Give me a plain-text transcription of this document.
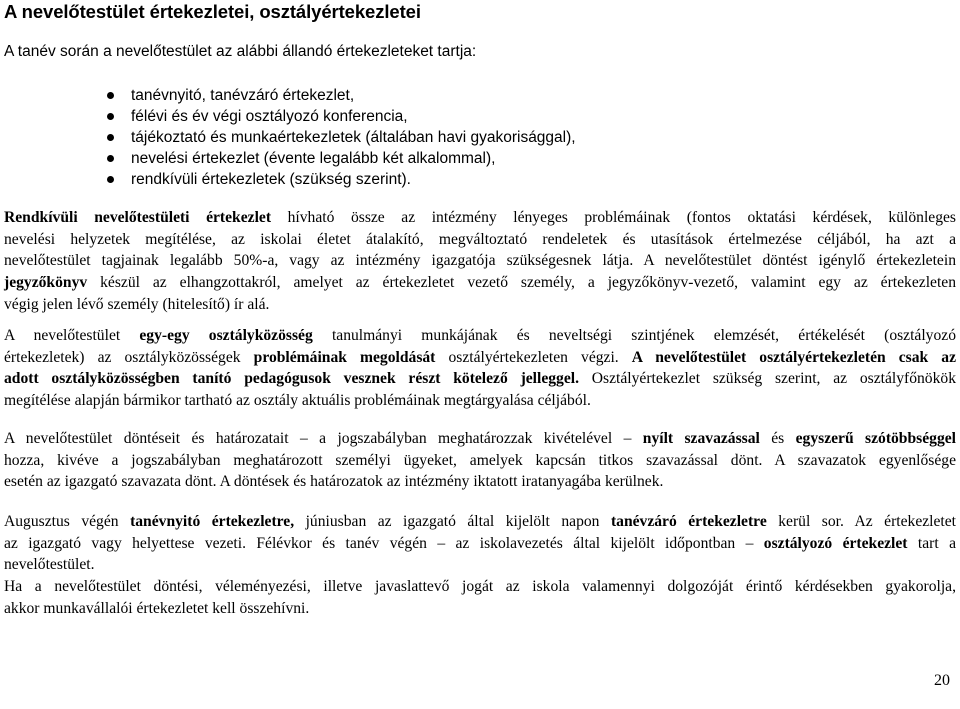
A nevelőtestület értekezletei, osztályértekezletei
A tanév során a nevelőtestület az alábbi állandó értekezleteket tartja:
tanévnyitó, tanévzáró értekezlet,
félévi és év végi osztályozó konferencia,
tájékoztató és munkaértekezletek (általában havi gyakorisággal),
nevelési értekezlet (évente legalább két alkalommal),
rendkívüli értekezletek (szükség szerint).
Rendkívüli nevelőtestületi értekezlet hívható össze az intézmény lényeges problémáinak (fontos oktatási kérdések, különleges
nevelési helyzetek megítélése, az iskolai életet átalakító, megváltoztató rendeletek és utasítások értelmezése céljából, ha azt a
nevelőtestület tagjainak legalább 50%-a, vagy az intézmény igazgatója szükségesnek látja. A nevelőtestület döntést igénylő értekezletein
jegyzőkönyv készül az elhangzottakról, amelyet az értekezletet vezető személy, a jegyzőkönyv-vezető, valamint egy az értekezleten
végig jelen lévő személy (hitelesítő) ír alá.
A nevelőtestület egy-egy osztályközösség tanulmányi munkájának és neveltségi szintjének elemzését, értékelését (osztályozó
értekezletek) az osztályközösségek problémáinak megoldását osztályértekezleten végzi. A nevelőtestület osztályértekezletén csak az
adott osztályközösségben tanító pedagógusok vesznek részt kötelező jelleggel. Osztályértekezlet szükség szerint, az osztályfőnökök
megítélése alapján bármikor tartható az osztály aktuális problémáinak megtárgyalása céljából.
A nevelőtestület döntéseit és határozatait – a jogszabályban meghatározzak kivételével – nyílt szavazással és egyszerű szótöbbséggel
hozza, kivéve a jogszabályban meghatározott személyi ügyeket, amelyek kapcsán titkos szavazással dönt. A szavazatok egyenlősége
esetén az igazgató szavazata dönt. A döntések és határozatok az intézmény iktatott iratanyagába kerülnek.
Augusztus végén tanévnyitó értekezletre, júniusban az igazgató által kijelölt napon tanévzáró értekezletre kerül sor. Az értekezletet
az igazgató vagy helyettese vezeti. Félévkor és tanév végén – az iskolavezetés által kijelölt időpontban – osztályozó értekezlet tart a
nevelőtestület.
Ha a nevelőtestület döntési, véleményezési, illetve javaslattevő jogát az iskola valamennyi dolgozóját érintő kérdésekben gyakorolja,
akkor munkavállalói értekezletet kell összehívni.
20
